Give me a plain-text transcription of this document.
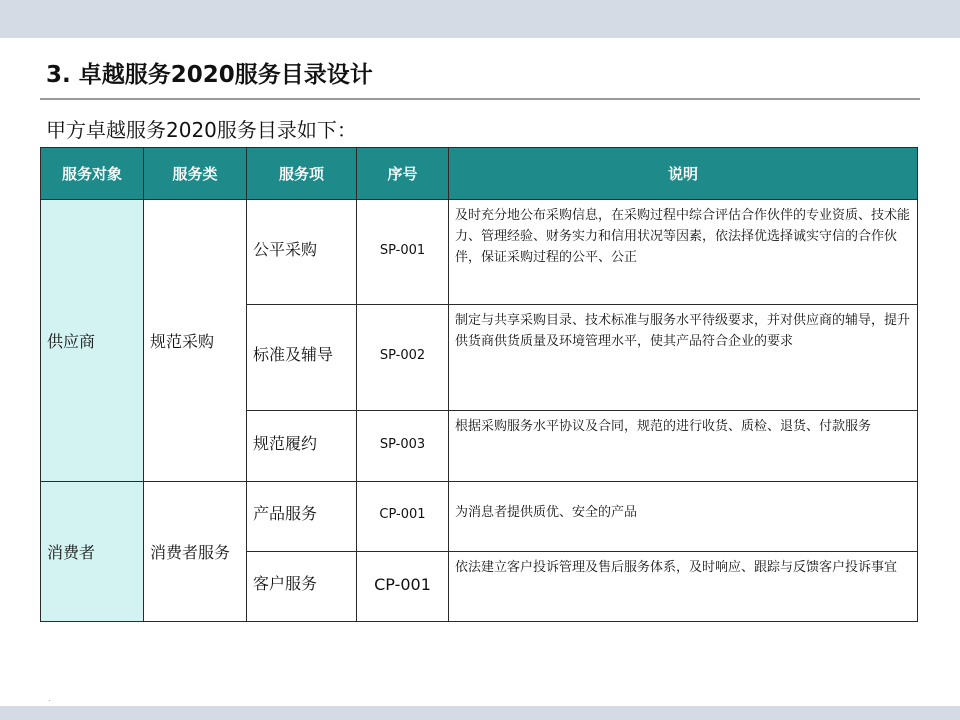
3. 卓越服务2020服务目录设计
甲方卓越服务2020服务目录如下：
服务对象	服务类	服务项	序号	说明
供应商	规范采购	公平采购	SP-001	及时充分地公布采购信息，在采购过程中综合评估合作伙伴的专业资质、技术能力、管理经验、财务实力和信用状况等因素，依法择优选择诚实守信的合作伙伴，保证采购过程的公平、公正
		标准及辅导	SP-002	制定与共享采购目录、技术标准与服务水平待级要求，并对供应商的辅导，提升供货商供货质量及环境管理水平，使其产品符合企业的要求
		规范履约	SP-003	根据采购服务水平协议及合同，规范的进行收货、质检、退货、付款服务
消费者	消费者服务	产品服务	CP-001	为消息者提供质优、安全的产品
		客户服务	CP-001	依法建立客户投诉管理及售后服务体系，及时响应、跟踪与反馈客户投诉事宜
.
